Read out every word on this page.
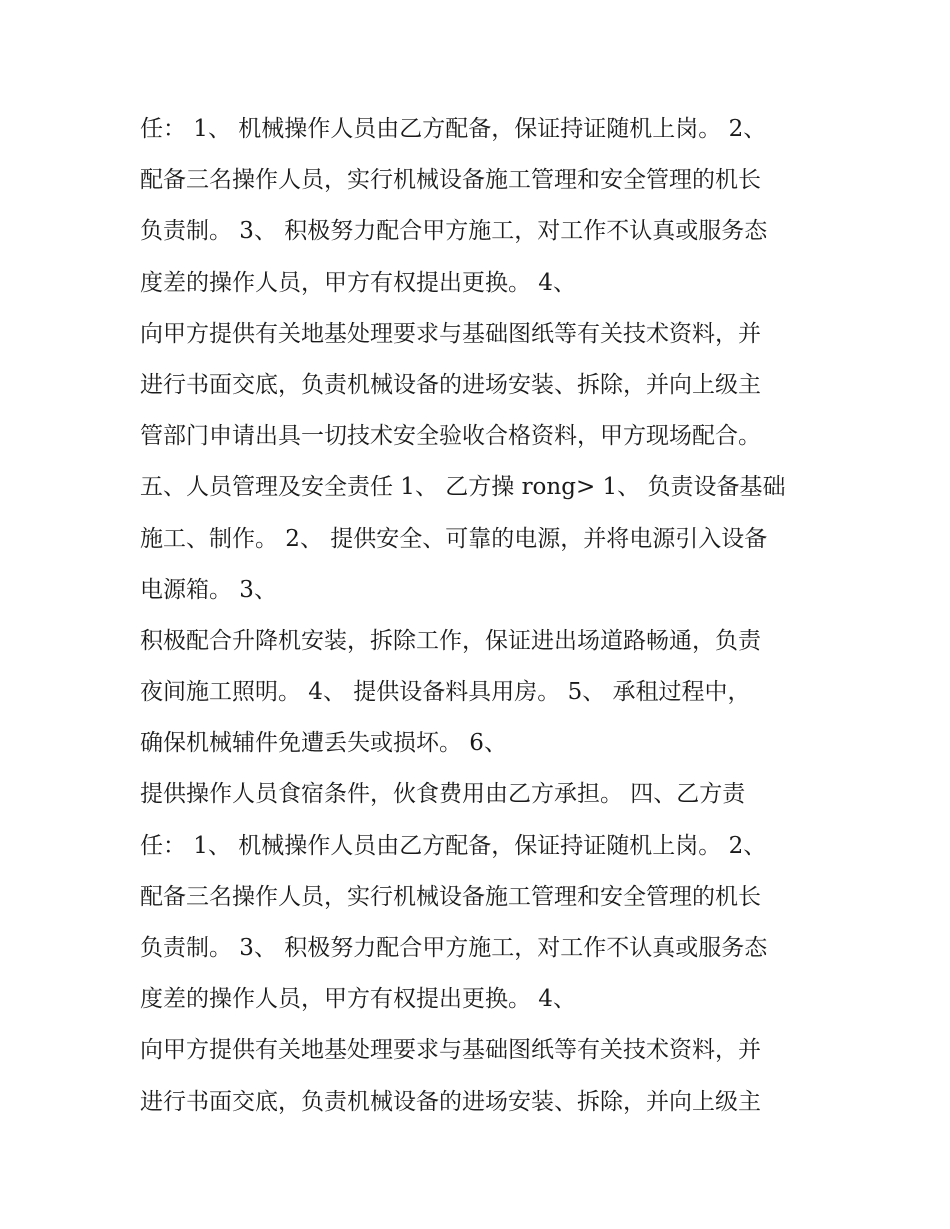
任： 1、 机械操作人员由乙方配备，保证持证随机上岗。 2、
配备三名操作人员，实行机械设备施工管理和安全管理的机长
负责制。 3、 积极努力配合甲方施工，对工作不认真或服务态
度差的操作人员，甲方有权提出更换。 4、
向甲方提供有关地基处理要求与基础图纸等有关技术资料，并
进行书面交底，负责机械设备的进场安装、拆除，并向上级主
管部门申请出具一切技术安全验收合格资料，甲方现场配合。
五、人员管理及安全责任 1、 乙方操 rong> 1、 负责设备基础
施工、制作。 2、 提供安全、可靠的电源，并将电源引入设备
电源箱。 3、
积极配合升降机安装，拆除工作，保证进出场道路畅通，负责
夜间施工照明。 4、 提供设备料具用房。 5、 承租过程中，
确保机械辅件免遭丢失或损坏。 6、
提供操作人员食宿条件，伙食费用由乙方承担。 四、乙方责
任： 1、 机械操作人员由乙方配备，保证持证随机上岗。 2、
配备三名操作人员，实行机械设备施工管理和安全管理的机长
负责制。 3、 积极努力配合甲方施工，对工作不认真或服务态
度差的操作人员，甲方有权提出更换。 4、
向甲方提供有关地基处理要求与基础图纸等有关技术资料，并
进行书面交底，负责机械设备的进场安装、拆除，并向上级主
